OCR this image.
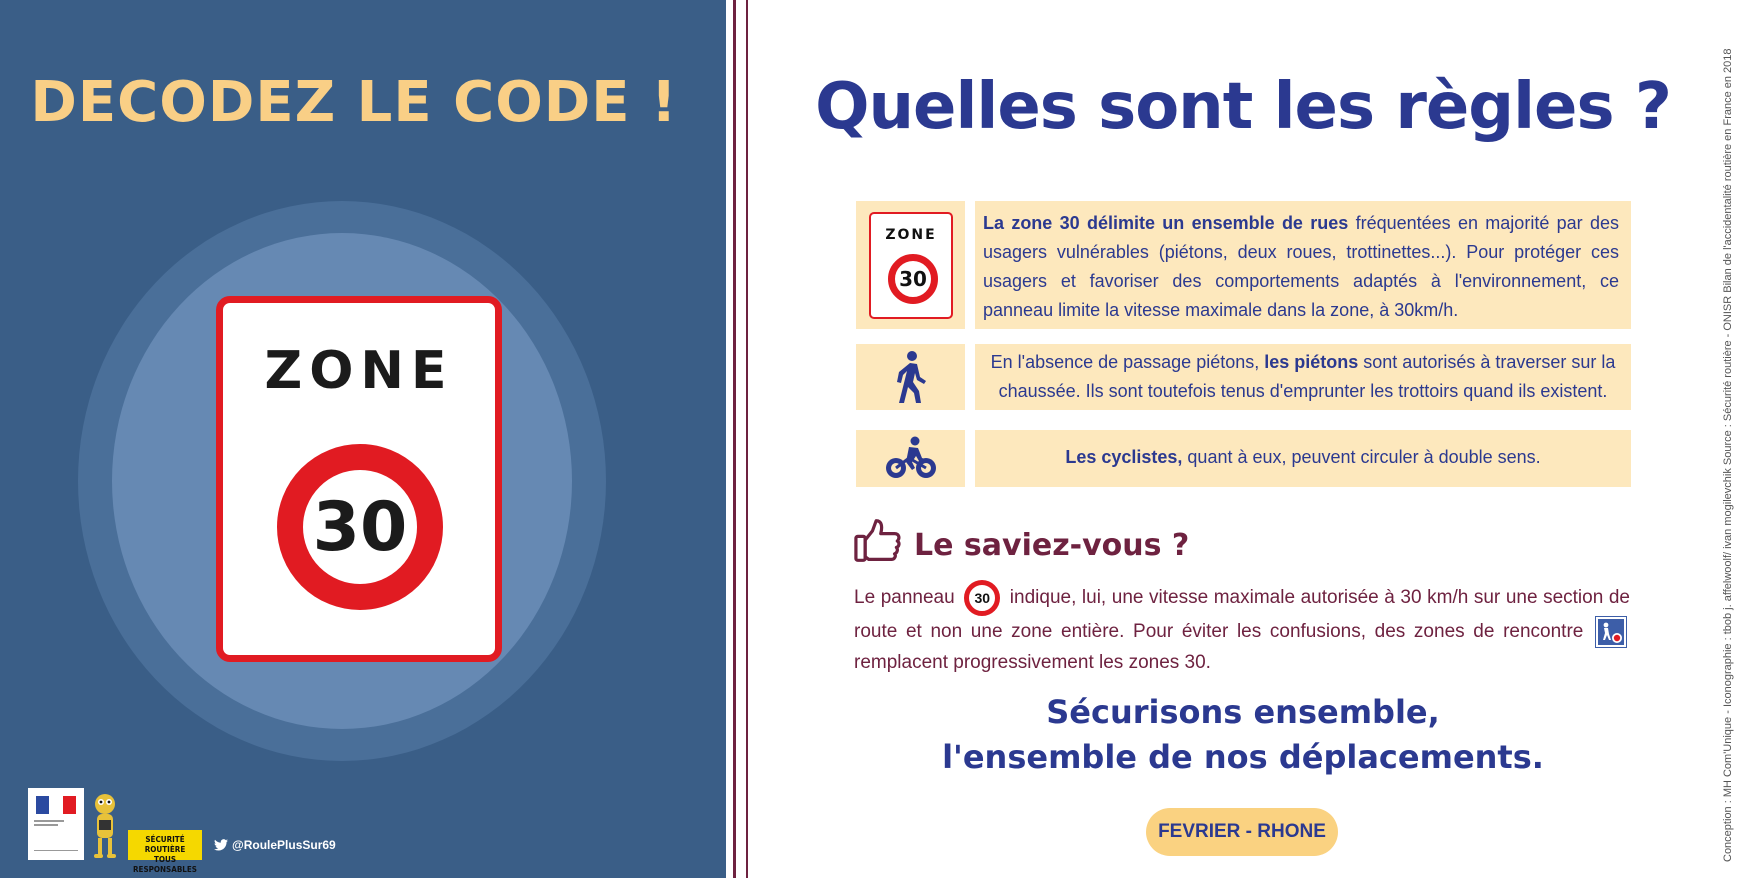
DECODEZ LE CODE !
ZONE
30
SÉCURITÉ ROUTIÈRE
TOUS RESPONSABLES
@RoulePlusSur69
Quelles sont les règles ?
ZONE
30
La zone 30 délimite un ensemble de rues fréquentées en majorité par des usagers vulnérables (piétons, deux roues, trottinettes...). Pour protéger ces usagers et favoriser des comportements adaptés à l'environnement, ce panneau limite la vitesse maximale dans la zone, à 30km/h.
En l'absence de passage piétons, les piétons sont autorisés à traverser sur la chaussée. Ils sont toutefois tenus d'emprunter les trottoirs quand ils existent.
Les cyclistes, quant à eux, peuvent circuler à double sens.
Le saviez-vous ?
Le panneau 30 indique, lui, une vitesse maximale autorisée à 30 km/h sur une section de route et non une zone entière. Pour éviter les confusions, des zones de rencontre
remplacent progressivement les zones 30.
Sécurisons ensemble,
l'ensemble de nos déplacements.
FEVRIER - RHONE	Conception : MH Com'Unique - Iconographie : tbob j. affelwoolf/ ivan mogilevchik Source : Sécurité routière - ONISR Bilan de l'accidentalité routière en France en 2018
